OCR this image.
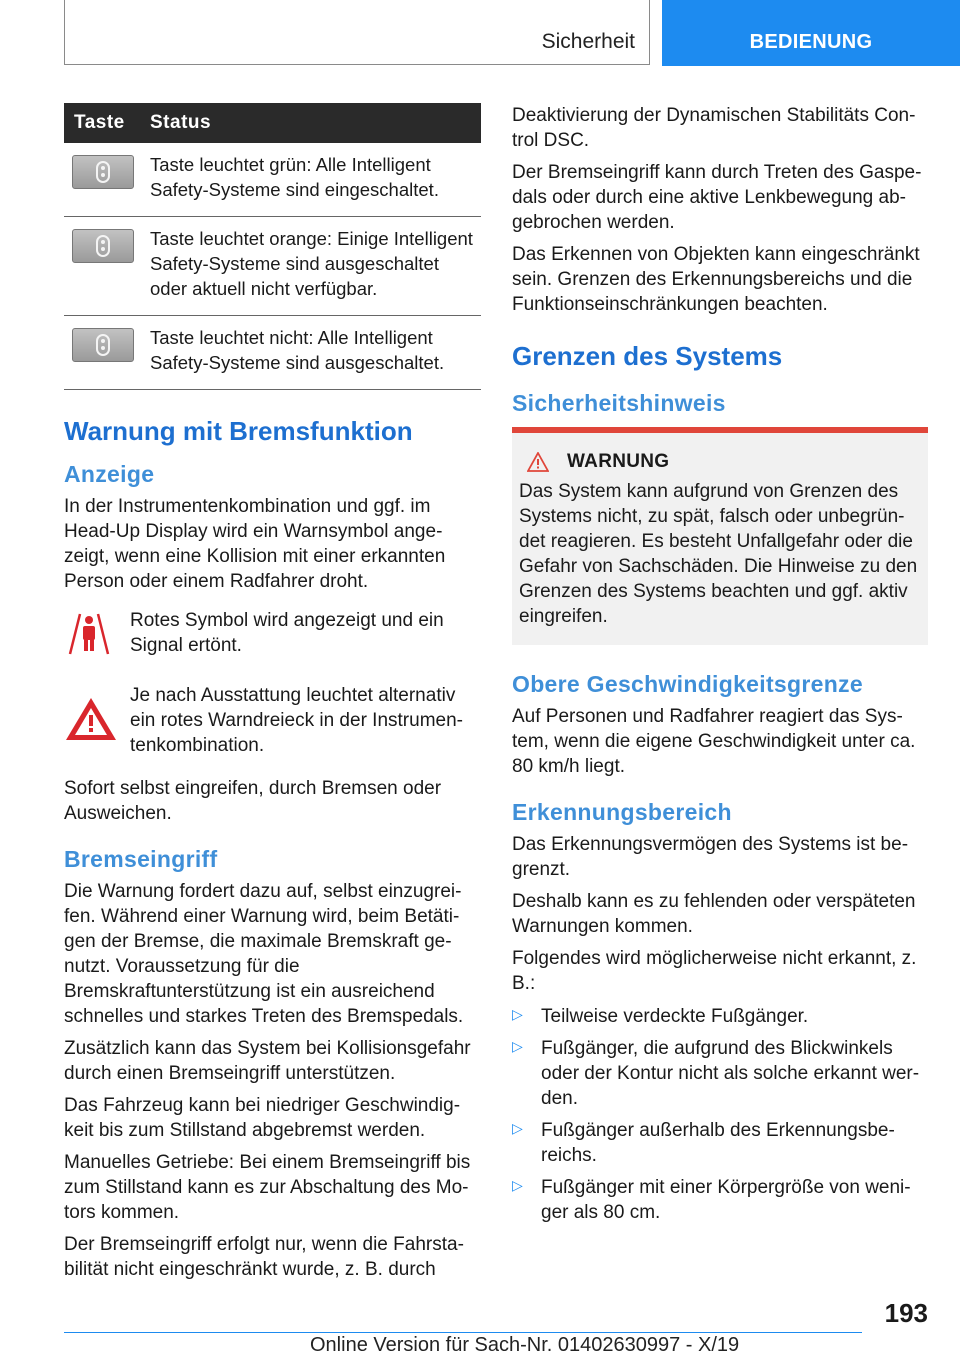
Sicherheit	BEDIENUNG
Taste	Status

	Taste leuchtet grün: Alle Intelligent Safety-Systeme sind eingeschaltet.

	Taste leuchtet orange: Einige Intelligent Safety-Systeme sind ausgeschaltet oder aktuell nicht verfügbar.

	Taste leuchtet nicht: Alle Intelligent Safety-Systeme sind ausgeschaltet.
Warnung mit Bremsfunktion
Anzeige

In der Instrumentenkombination und ggf. im Head-Up Display wird ein Warnsymbol angezeigt, wenn eine Kollision mit einer erkannten Person oder einem Radfahrer droht.

Rotes Symbol wird angezeigt und ein Signal ertönt.

Je nach Ausstattung leuchtet alternativ ein rotes Warndreieck in der Instrumentenkombination.

Sofort selbst eingreifen, durch Bremsen oder Ausweichen.

Bremseingriff

Die Warnung fordert dazu auf, selbst einzugreifen. Während einer Warnung wird, beim Betätigen der Bremse, die maximale Bremskraft genutzt. Voraussetzung für die Bremskraftunterstützung ist ein ausreichend schnelles und starkes Treten des Bremspedals.

Zusätzlich kann das System bei Kollisionsgefahr durch einen Bremseingriff unterstützen.

Das Fahrzeug kann bei niedriger Geschwindigkeit bis zum Stillstand abgebremst werden.

Manuelles Getriebe: Bei einem Bremseingriff bis zum Stillstand kann es zur Abschaltung des Motors kommen.

Der Bremseingriff erfolgt nur, wenn die Fahrstabilität nicht eingeschränkt wurde, z. B. durch

Deaktivierung der Dynamischen Stabilitäts Control DSC.

Der Bremseingriff kann durch Treten des Gaspedals oder durch eine aktive Lenkbewegung abgebrochen werden.

Das Erkennen von Objekten kann eingeschränkt sein. Grenzen des Erkennungsbereichs und die Funktionseinschränkungen beachten.

Grenzen des Systems
Sicherheitshinweis
WARNUNG

Das System kann aufgrund von Grenzen des Systems nicht, zu spät, falsch oder unbegründet reagieren. Es besteht Unfallgefahr oder die Gefahr von Sachschäden. Die Hinweise zu den Grenzen des Systems beachten und ggf. aktiv eingreifen.

Obere Geschwindigkeitsgrenze

Auf Personen und Radfahrer reagiert das System, wenn die eigene Geschwindigkeit unter ca. 80 km/h liegt.

Erkennungsbereich

Das Erkennungsvermögen des Systems ist begrenzt.

Deshalb kann es zu fehlenden oder verspäteten Warnungen kommen.

Folgendes wird möglicherweise nicht erkannt, z. B.:

▷ Teilweise verdeckte Fußgänger.

▷ Fußgänger, die aufgrund des Blickwinkels oder der Kontur nicht als solche erkannt werden.

▷ Fußgänger außerhalb des Erkennungsbereichs.

▷ Fußgänger mit einer Körpergröße von weniger als 80 cm.

193
Online Version für Sach-Nr. 01402630997 - X/19
